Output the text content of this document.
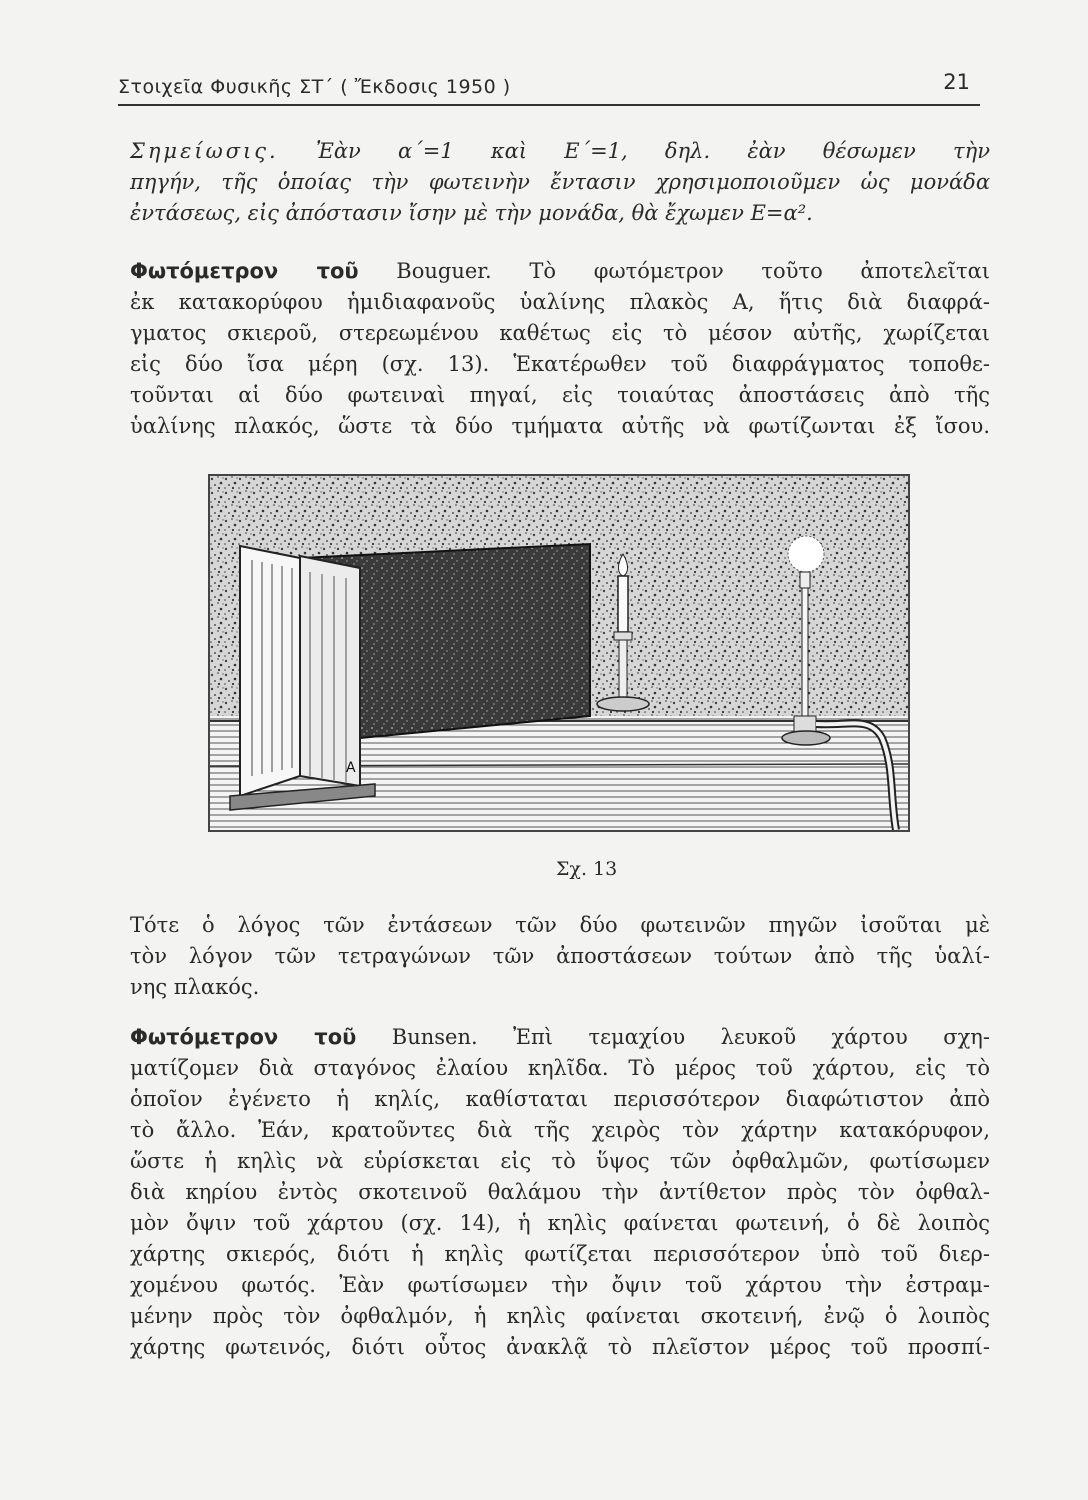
Στοιχεῖα Φυσικῆς ΣΤ΄ ( Ἔκδοσις 1950 )	21
Σημείωσις. Ἐὰν α΄=1 καὶ Ε΄=1, δηλ. ἐὰν θέσωμεν τὴν
πηγήν, τῆς ὁποίας τὴν φωτεινὴν ἔντασιν χρησιμοποιοῦμεν ὡς μονάδα
ἐντάσεως, εἰς ἀπόστασιν ἴσην μὲ τὴν μονάδα, θὰ ἔχωμεν Ε=α².
Φωτόμετρον τοῦ Bouguer. Τὸ φωτόμετρον τοῦτο ἀποτελεῖται
ἐκ κατακορύφου ἡμιδιαφανοῦς ὑαλίνης πλακὸς Α, ἥτις διὰ διαφρά-
γματος σκιεροῦ, στερεωμένου καθέτως εἰς τὸ μέσον αὐτῆς, χωρίζεται
εἰς δύο ἴσα μέρη (σχ. 13). Ἑκατέρωθεν τοῦ διαφράγματος τοποθε-
τοῦνται αἱ δύο φωτειναὶ πηγαί, εἰς τοιαύτας ἀποστάσεις ἀπὸ τῆς
ὑαλίνης πλακός, ὥστε τὰ δύο τμήματα αὐτῆς νὰ φωτίζωνται ἐξ ἴσου.
A
Σχ. 13
Τότε ὁ λόγος τῶν ἐντάσεων τῶν δύο φωτεινῶν πηγῶν ἰσοῦται μὲ
τὸν λόγον τῶν τετραγώνων τῶν ἀποστάσεων τούτων ἀπὸ τῆς ὑαλί-
νης πλακός.
Φωτόμετρον τοῦ Bunsen. Ἐπὶ τεμαχίου λευκοῦ χάρτου σχη-
ματίζομεν διὰ σταγόνος ἐλαίου κηλῖδα. Τὸ μέρος τοῦ χάρτου, εἰς τὸ
ὁποῖον ἐγένετο ἡ κηλίς, καθίσταται περισσότερον διαφώτιστον ἀπὸ
τὸ ἄλλο. Ἐάν, κρατοῦντες διὰ τῆς χειρὸς τὸν χάρτην κατακόρυφον,
ὥστε ἡ κηλὶς νὰ εὑρίσκεται εἰς τὸ ὕψος τῶν ὀφθαλμῶν, φωτίσωμεν
διὰ κηρίου ἐντὸς σκοτεινοῦ θαλάμου τὴν ἀντίθετον πρὸς τὸν ὀφθαλ-
μὸν ὄψιν τοῦ χάρτου (σχ. 14), ἡ κηλὶς φαίνεται φωτεινή, ὁ δὲ λοιπὸς
χάρτης σκιερός, διότι ἡ κηλὶς φωτίζεται περισσότερον ὑπὸ τοῦ διερ-
χομένου φωτός. Ἐὰν φωτίσωμεν τὴν ὄψιν τοῦ χάρτου τὴν ἐστραμ-
μένην πρὸς τὸν ὀφθαλμόν, ἡ κηλὶς φαίνεται σκοτεινή, ἐνῷ ὁ λοιπὸς
χάρτης φωτεινός, διότι οὗτος ἀνακλᾷ τὸ πλεῖστον μέρος τοῦ προσπί-
